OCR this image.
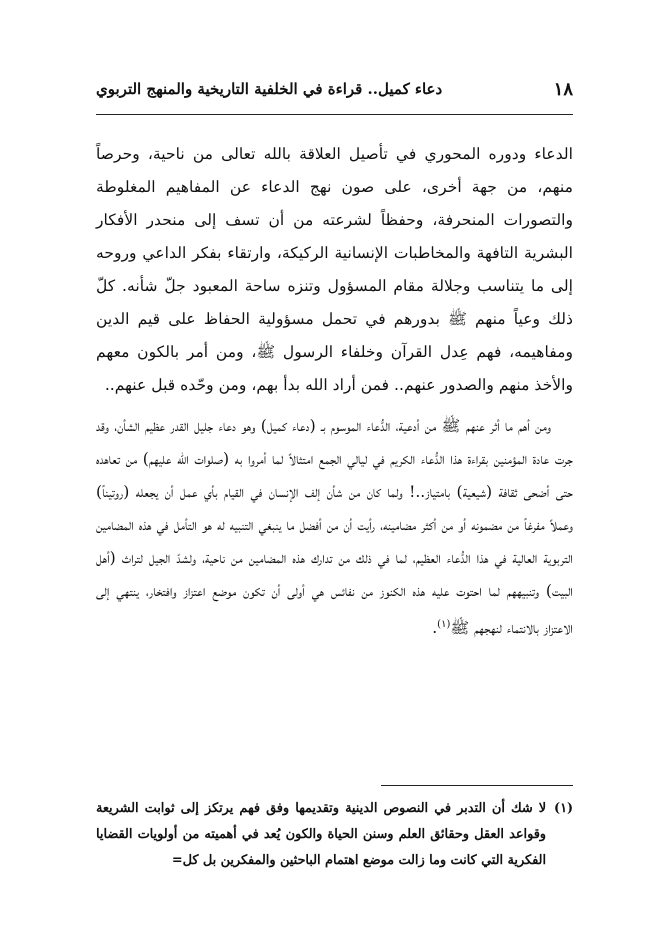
١٨
دعاء كميل.. قراءة في الخلفية التاريخية والمنهج التربوي

الدعاء ودوره المحوري في تأصيل العلاقة بالله تعالى من ناحية، وحرصاً منهم، من جهة أخرى، على صون نهج الدعاء عن المفاهيم المغلوطة والتصورات المنحرفة، وحفظاً لشرعته من أن تسف إلى منحدر الأفكار البشرية التافهة والمخاطبات الإنسانية الركيكة، وارتقاء بفكر الداعي وروحه إلى ما يتناسب وجلالة مقام المسؤول وتنزه ساحة المعبود جلّ شأنه. كلّ ذلك وعياً منهم ﷺ بدورهم في تحمل مسؤولية الحفاظ على قيم الدين ومفاهيمه، فهم عِدل القرآن وخلفاء الرسول ﷺ، ومن أمر بالكون معهم والأخذ منهم والصدور عنهم.. فمن أراد الله بدأ بهم، ومن وحّده قبل عنهم..

ومن أهم ما أثر عنهم ﷺ من أدعية، الدُّعاء الموسوم بـ (دعاء كميل) وهو دعاء جليل القدر عظيم الشأن، وقد جرت عادة المؤمنين بقراءة هذا الدُّعاء الكريم في ليالي الجمع امتثالاً لما أمروا به (صلوات الله عليهم) من تعاهده حتى أضحى ثقافة (شيعية) بامتياز..! ولما كان من شأن إلف الإنسان في القيام بأي عمل أن يجعله (روتيناً) وعملاً مفرغاً من مضمونه أو من أكثر مضامينه، رأيت أن من أفضل ما ينبغي التنبيه له هو التأمل في هذه المضامين التربوية العالية في هذا الدُّعاء العظيم، لما في ذلك من تدارك هذه المضامين من ناحية، ولشدّ الجيل لتراث (أهل البيت) وتنبيههم لما احتوت عليه هذه الكنوز من نفائس هي أولى أن تكون موضع اعتزاز وافتخار، ينتهي إلى الاعتزاز بالانتماء لنهجهم ﷺ$^{(١)}$.

(١)
لا شك أن التدبر في النصوص الدينية وتقديمها وفق فهم يرتكز إلى ثوابت الشريعة وقواعد العقل وحقائق العلم وسنن الحياة والكون يُعد في أهميته من أولويات القضايا الفكرية التي كانت وما زالت موضع اهتمام الباحثين والمفكرين بل كل=
